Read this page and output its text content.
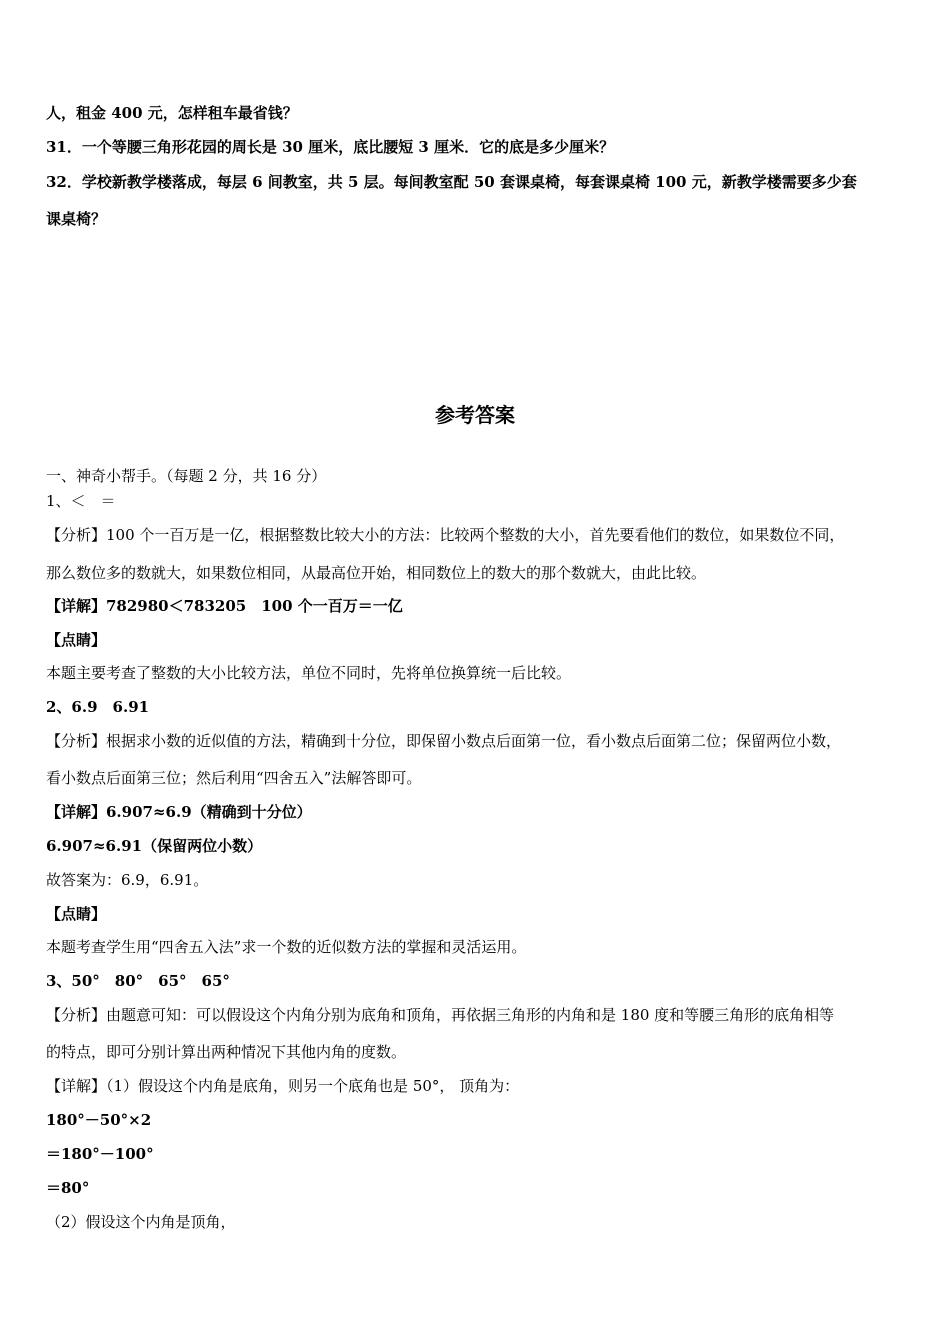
人，租金 400 元，怎样租车最省钱？
31．一个等腰三角形花园的周长是 30 厘米，底比腰短 3 厘米．它的底是多少厘米？
32．学校新教学楼落成，每层 6 间教室，共 5 层。每间教室配 50 套课桌椅，每套课桌椅 100 元，新教学楼需要多少套
课桌椅？
参考答案
一、神奇小帮手。（每题 2 分，共 16 分）
1、＜　＝
【分析】100 个一百万是一亿，根据整数比较大小的方法：比较两个整数的大小，首先要看他们的数位，如果数位不同，
那么数位多的数就大，如果数位相同，从最高位开始，相同数位上的数大的那个数就大，由此比较。
【详解】782980＜783205　100 个一百万＝一亿
【点睛】
本题主要考查了整数的大小比较方法，单位不同时，先将单位换算统一后比较。
2、6.9　6.91
【分析】根据求小数的近似值的方法，精确到十分位，即保留小数点后面第一位，看小数点后面第二位；保留两位小数，
看小数点后面第三位；然后利用“四舍五入”法解答即可。
【详解】6.907≈6.9（精确到十分位）
6.907≈6.91（保留两位小数）
故答案为：6.9，6.91。
【点睛】
本题考查学生用“四舍五入法”求一个数的近似数方法的掌握和灵活运用。
3、50°　80°　65°　65°
【分析】由题意可知：可以假设这个内角分别为底角和顶角，再依据三角形的内角和是 180 度和等腰三角形的底角相等
的特点，即可分别计算出两种情况下其他内角的度数。
【详解】（1）假设这个内角是底角，则另一个底角也是 50°， 顶角为：
180°－50°×2
＝180°－100°
＝80°
（2）假设这个内角是顶角，
